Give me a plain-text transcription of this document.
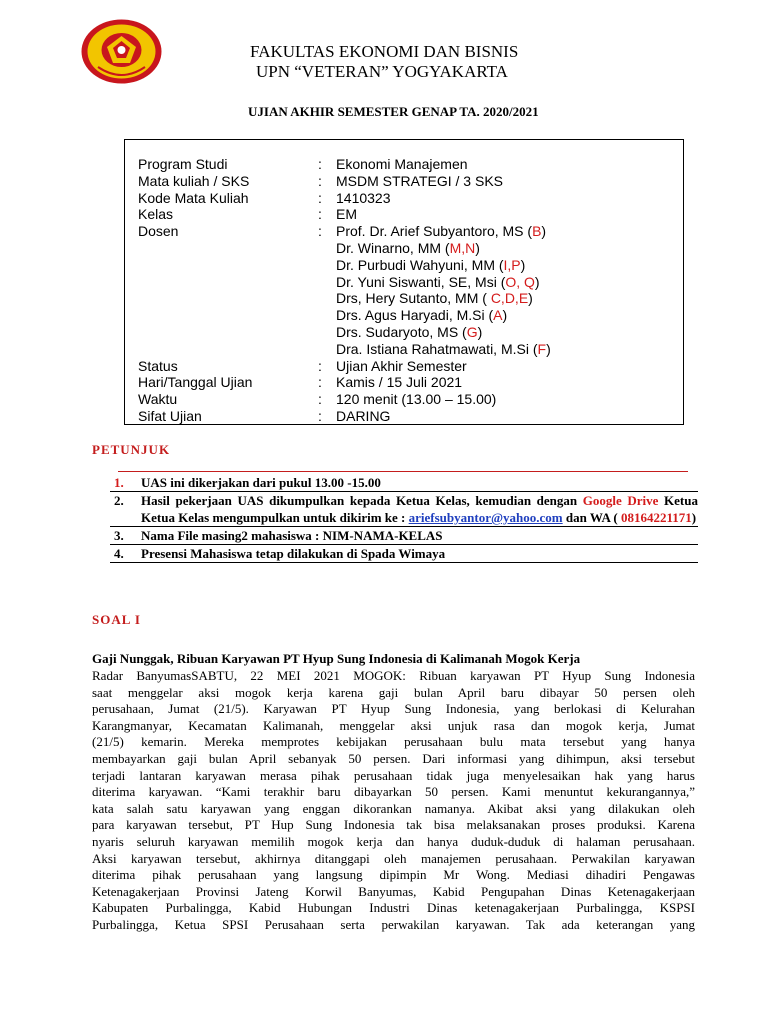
FAKULTAS EKONOMI DAN BISNIS

UPN “VETERAN” YOGYAKARTA

UJIAN AKHIR SEMESTER GENAP TA. 2020/2021
Program Studi	: Ekonomi Manajemen
Mata kuliah / SKS	: MSDM STRATEGI / 3 SKS
Kode Mata Kuliah	: 1410323
Kelas	: EM
Dosen	: Prof. Dr. Arief Subyantoro, MS (B)
Dr. Winarno, MM (M,N)
Dr. Purbudi Wahyuni, MM (I,P)
Dr. Yuni Siswanti, SE, Msi (O, Q)
Drs, Hery Sutanto, MM ( C,D,E)
Drs. Agus Haryadi, M.Si (A)
Drs. Sudaryoto, MS (G)
Dra. Istiana Rahatmawati, M.Si (F)
Status	: Ujian Akhir Semester
Hari/Tanggal Ujian	: Kamis / 15 Juli 2021
Waktu	: 120 menit (13.00 – 15.00)
Sifat Ujian	: DARING
PETUNJUK
1. UAS ini dikerjakan dari pukul 13.00 -15.00
2. Hasil pekerjaan UAS dikumpulkan kepada Ketua Kelas, kemudian dengan Google Drive Ketua Ketua Kelas mengumpulkan untuk dikirim ke : ariefsubyantor@yahoo.com dan WA ( 08164221171)
3. Nama File masing2 mahasiswa : NIM-NAMA-KELAS
4. Presensi Mahasiswa tetap dilakukan di Spada Wimaya
SOAL I
Gaji Nunggak, Ribuan Karyawan PT Hyup Sung Indonesia di Kalimanah Mogok Kerja
Radar BanyumasSABTU, 22 MEI 2021 MOGOK: Ribuan karyawan PT Hyup Sung Indonesia
saat menggelar aksi mogok kerja karena gaji bulan April baru dibayar 50 persen oleh
perusahaan, Jumat (21/5). Karyawan PT Hyup Sung Indonesia, yang berlokasi di Kelurahan
Karangmanyar, Kecamatan Kalimanah, menggelar aksi unjuk rasa dan mogok kerja, Jumat
(21/5) kemarin. Mereka memprotes kebijakan perusahaan bulu mata tersebut yang hanya
membayarkan gaji bulan April sebanyak 50 persen. Dari informasi yang dihimpun, aksi tersebut
terjadi lantaran karyawan merasa pihak perusahaan tidak juga menyelesaikan hak yang harus
diterima karyawan. “Kami terakhir baru dibayarkan 50 persen. Kami menuntut kekurangannya,”
kata salah satu karyawan yang enggan dikorankan namanya. Akibat aksi yang dilakukan oleh
para karyawan tersebut, PT Hup Sung Indonesia tak bisa melaksanakan proses produksi. Karena
nyaris seluruh karyawan memilih mogok kerja dan hanya duduk-duduk di halaman perusahaan.
Aksi karyawan tersebut, akhirnya ditanggapi oleh manajemen perusahaan. Perwakilan karyawan
diterima pihak perusahaan yang langsung dipimpin Mr Wong. Mediasi dihadiri Pengawas
Ketenagakerjaan Provinsi Jateng Korwil Banyumas, Kabid Pengupahan Dinas Ketenagakerjaan
Kabupaten Purbalingga, Kabid Hubungan Industri Dinas ketenagakerjaan Purbalingga, KSPSI
Purbalingga, Ketua SPSI Perusahaan serta perwakilan karyawan. Tak ada keterangan yang
